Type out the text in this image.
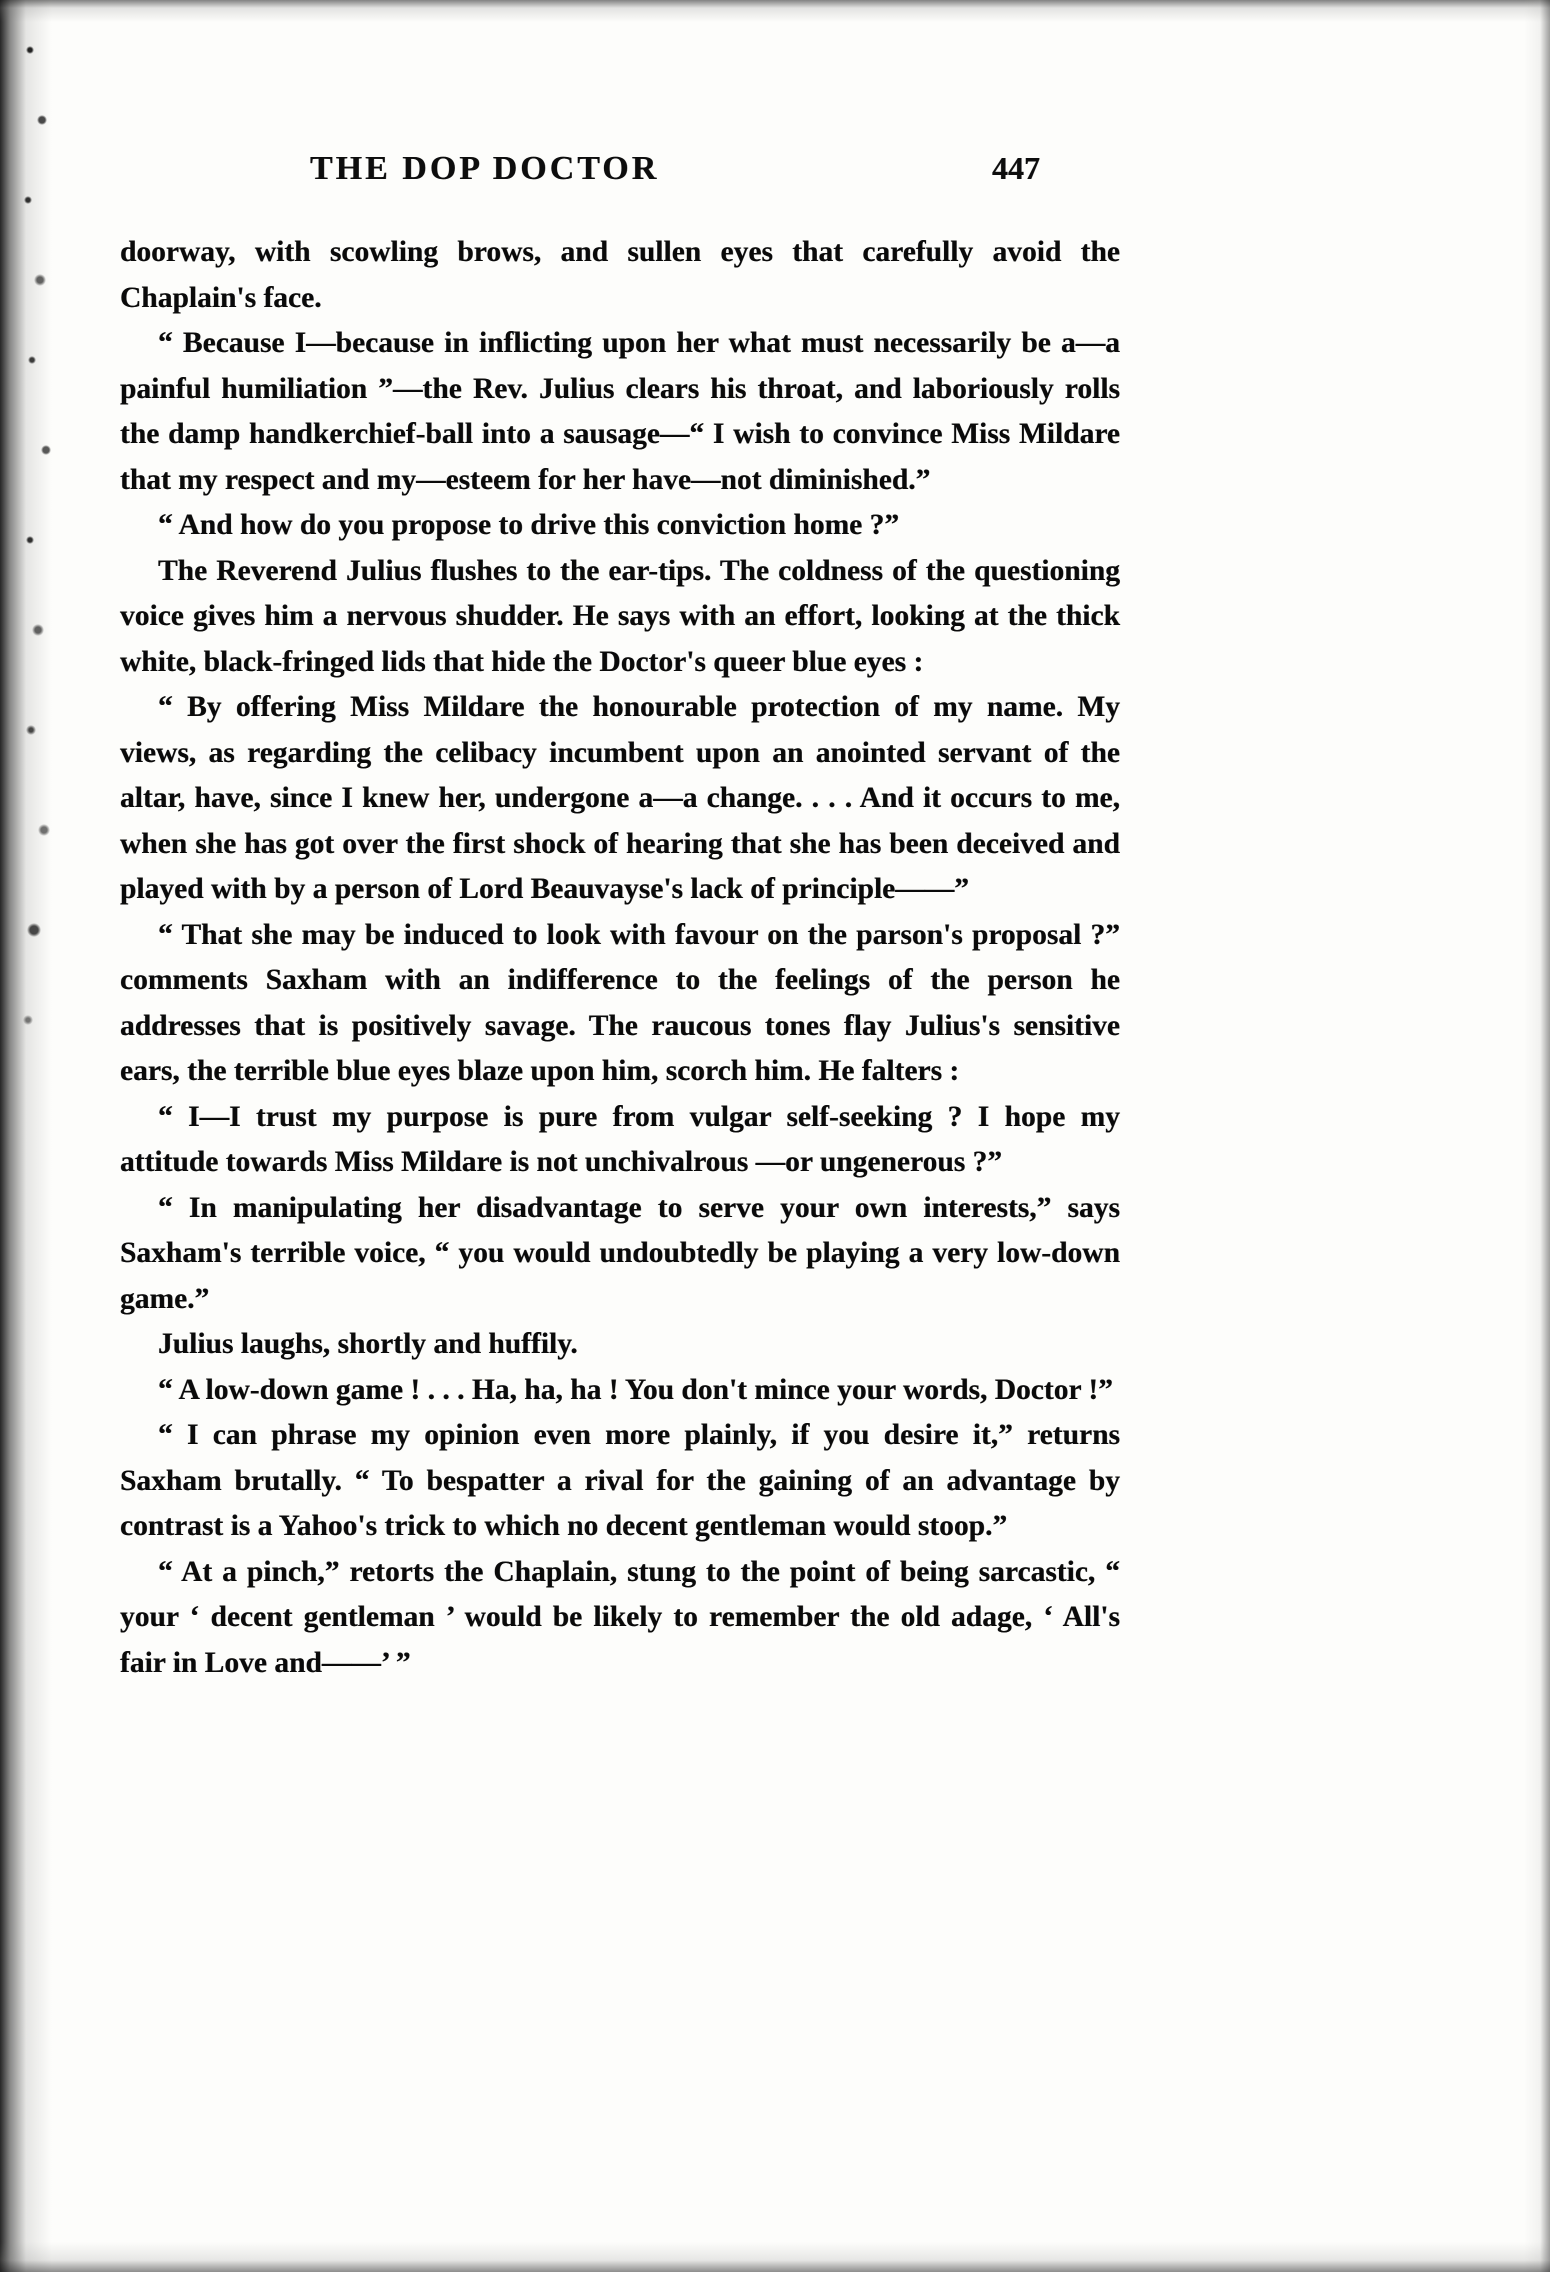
THE DOP DOCTOR	447

doorway, with scowling brows, and sullen eyes that carefully avoid the Chaplain's face.

“ Because I—because in inflicting upon her what must necessarily be a—a painful humiliation ”—the Rev. Julius clears his throat, and laboriously rolls the damp handkerchief-ball into a sausage—“ I wish to convince Miss Mildare that my respect and my—esteem for her have—not diminished.”

“ And how do you propose to drive this conviction home ?”

The Reverend Julius flushes to the ear-tips. The coldness of the questioning voice gives him a nervous shudder. He says with an effort, looking at the thick white, black-fringed lids that hide the Doctor's queer blue eyes :

“ By offering Miss Mildare the honourable protection of my name. My views, as regarding the celibacy incumbent upon an anointed servant of the altar, have, since I knew her, undergone a—a change. . . . And it occurs to me, when she has got over the first shock of hearing that she has been deceived and played with by a person of Lord Beauvayse's lack of principle——”

“ That she may be induced to look with favour on the parson's proposal ?” comments Saxham with an indifference to the feelings of the person he addresses that is positively savage. The raucous tones flay Julius's sensitive ears, the terrible blue eyes blaze upon him, scorch him. He falters :

“ I—I trust my purpose is pure from vulgar self-seeking ? I hope my attitude towards Miss Mildare is not unchivalrous —or ungenerous ?”

“ In manipulating her disadvantage to serve your own interests,” says Saxham's terrible voice, “ you would undoubtedly be playing a very low-down game.”

Julius laughs, shortly and huffily.

“ A low-down game ! . . . Ha, ha, ha ! You don't mince your words, Doctor !”

“ I can phrase my opinion even more plainly, if you desire it,” returns Saxham brutally. “ To bespatter a rival for the gaining of an advantage by contrast is a Yahoo's trick to which no decent gentleman would stoop.”

“ At a pinch,” retorts the Chaplain, stung to the point of being sarcastic, “ your ‘ decent gentleman ’ would be likely to remember the old adage, ‘ All's fair in Love and——’ ”
